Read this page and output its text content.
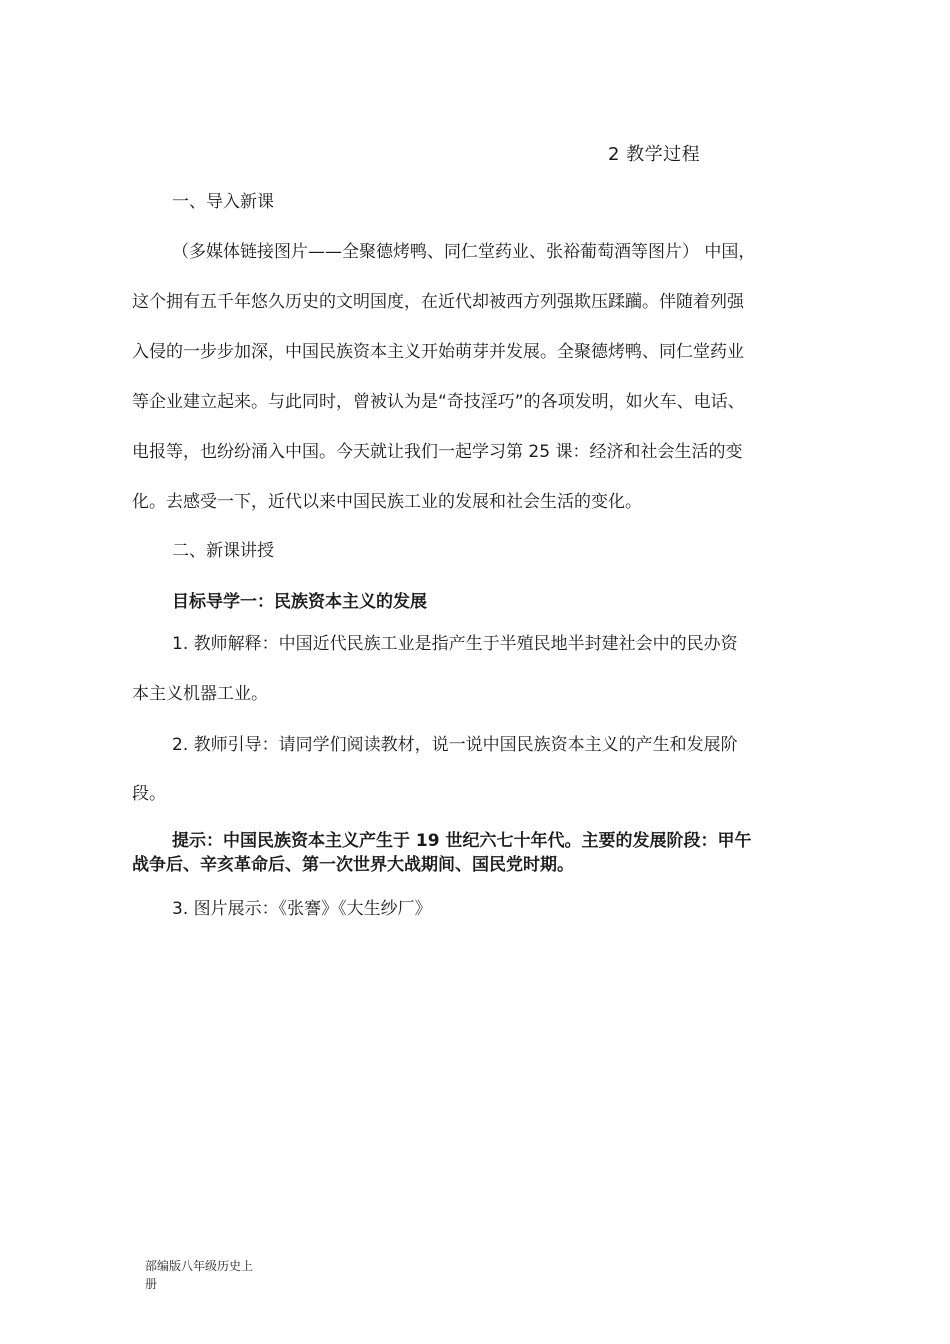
2 教学过程
一、导入新课
（多媒体链接图片——全聚德烤鸭、同仁堂药业、张裕葡萄酒等图片） 中国，
这个拥有五千年悠久历史的文明国度，在近代却被西方列强欺压蹂躏。伴随着列强
入侵的一步步加深，中国民族资本主义开始萌芽并发展。全聚德烤鸭、同仁堂药业
等企业建立起来。与此同时，曾被认为是“奇技淫巧”的各项发明，如火车、电话、
电报等，也纷纷涌入中国。今天就让我们一起学习第 25 课：经济和社会生活的变
化。去感受一下，近代以来中国民族工业的发展和社会生活的变化。
二、新课讲授
目标导学一：民族资本主义的发展
1. 教师解释：中国近代民族工业是指产生于半殖民地半封建社会中的民办资
本主义机器工业。
2. 教师引导：请同学们阅读教材，说一说中国民族资本主义的产生和发展阶
段。
提示：中国民族资本主义产生于 19 世纪六七十年代。主要的发展阶段：甲午
战争后、辛亥革命后、第一次世界大战期间、国民党时期。
3. 图片展示：《张謇》《大生纱厂》
部编版八年级历史上
册
